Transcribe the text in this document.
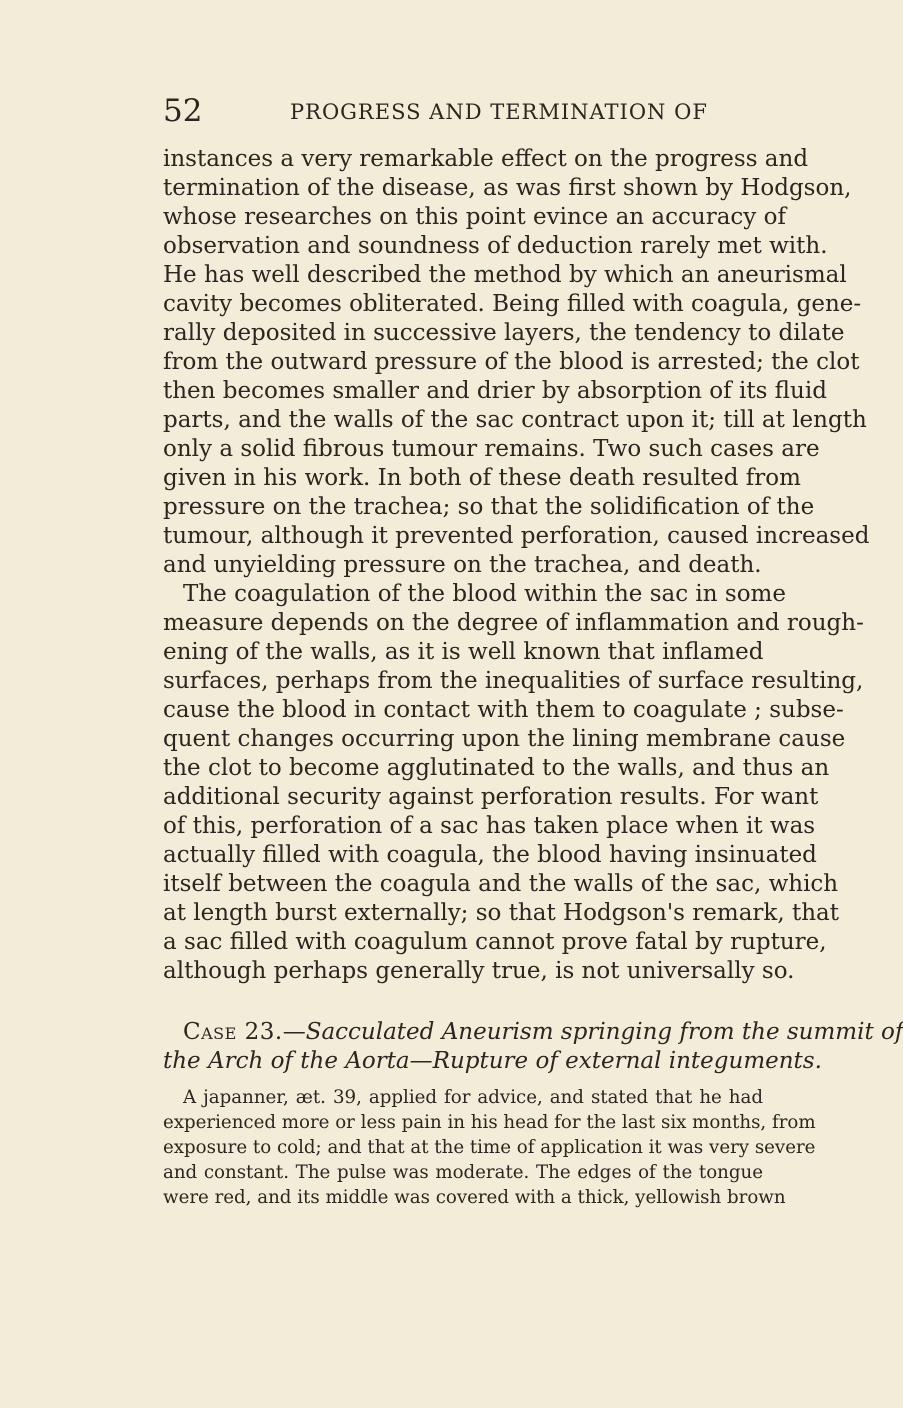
52	PROGRESS AND TERMINATION OF
instances a very remarkable effect on the progress and
termination of the disease, as was first shown by Hodgson,
whose researches on this point evince an accuracy of
observation and soundness of deduction rarely met with.
He has well described the method by which an aneurismal
cavity becomes obliterated. Being filled with coagula, gene-
rally deposited in successive layers, the tendency to dilate
from the outward pressure of the blood is arrested; the clot
then becomes smaller and drier by absorption of its fluid
parts, and the walls of the sac contract upon it; till at length
only a solid fibrous tumour remains. Two such cases are
given in his work. In both of these death resulted from
pressure on the trachea; so that the solidification of the
tumour, although it prevented perforation, caused increased
and unyielding pressure on the trachea, and death.
The coagulation of the blood within the sac in some
measure depends on the degree of inflammation and rough-
ening of the walls, as it is well known that inflamed
surfaces, perhaps from the inequalities of surface resulting,
cause the blood in contact with them to coagulate ; subse-
quent changes occurring upon the lining membrane cause
the clot to become agglutinated to the walls, and thus an
additional security against perforation results. For want
of this, perforation of a sac has taken place when it was
actually filled with coagula, the blood having insinuated
itself between the coagula and the walls of the sac, which
at length burst externally; so that Hodgson's remark, that
a sac filled with coagulum cannot prove fatal by rupture,
although perhaps generally true, is not universally so.
Case 23.—Sacculated Aneurism springing from the summit of
the Arch of the Aorta—Rupture of external integuments.
A japanner, æt. 39, applied for advice, and stated that he had
experienced more or less pain in his head for the last six months, from
exposure to cold; and that at the time of application it was very severe
and constant. The pulse was moderate. The edges of the tongue
were red, and its middle was covered with a thick, yellowish brown
